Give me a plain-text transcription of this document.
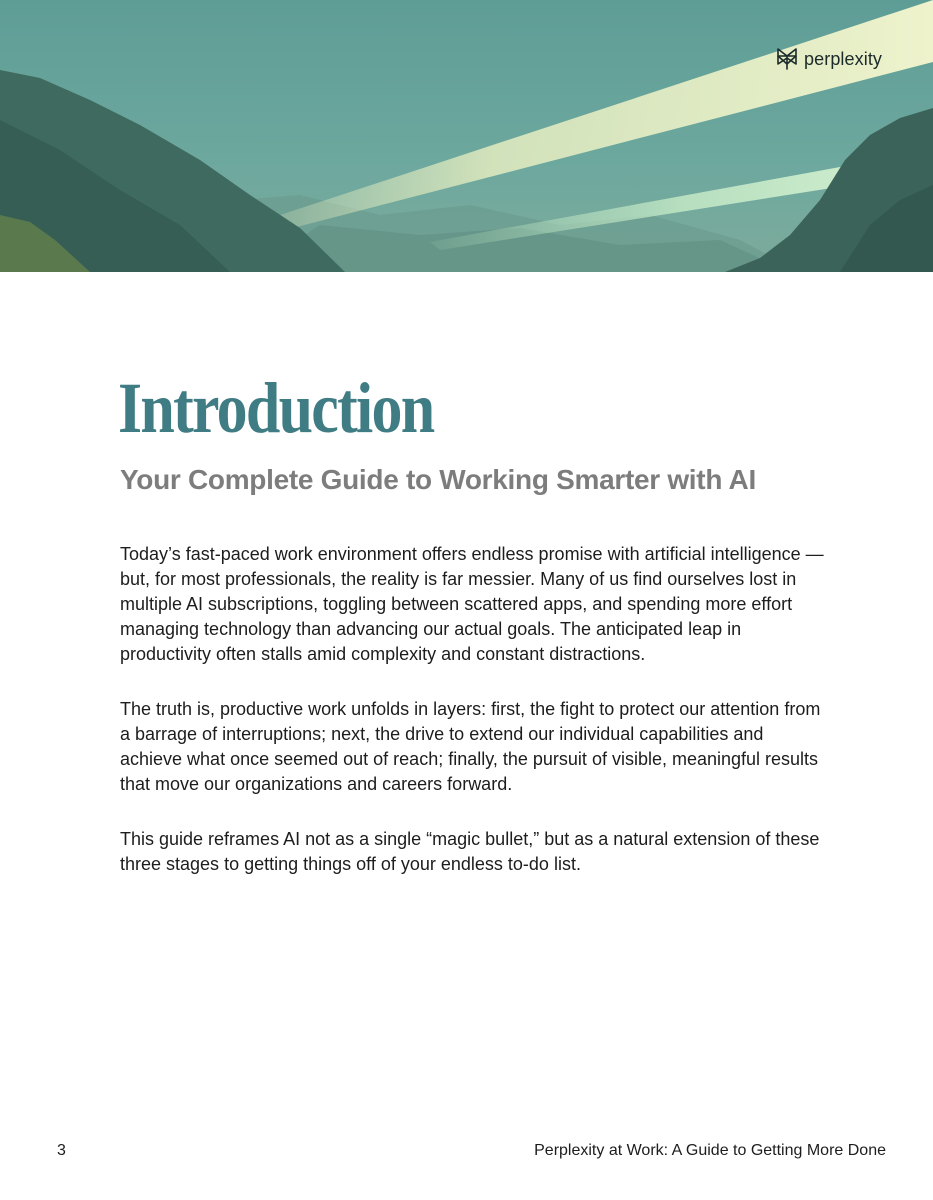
perplexity
Introduction
Your Complete Guide to Working Smarter with AI

Today’s fast-paced work environment offers endless promise with artificial intelligence —but, for most professionals, the reality is far messier. Many of us find ourselves lost in multiple AI subscriptions, toggling between scattered apps, and spending more effort managing technology than advancing our actual goals. The anticipated leap in productivity often stalls amid complexity and constant distractions.

The truth is, productive work unfolds in layers: first, the fight to protect our attention from a barrage of interruptions; next, the drive to extend our individual capabilities and achieve what once seemed out of reach; finally, the pursuit of visible, meaningful results that move our organizations and careers forward.

This guide reframes AI not as a single “magic bullet,” but as a natural extension of these three stages to getting things off of your endless to-do list.

3	Perplexity at Work: A Guide to Getting More Done
